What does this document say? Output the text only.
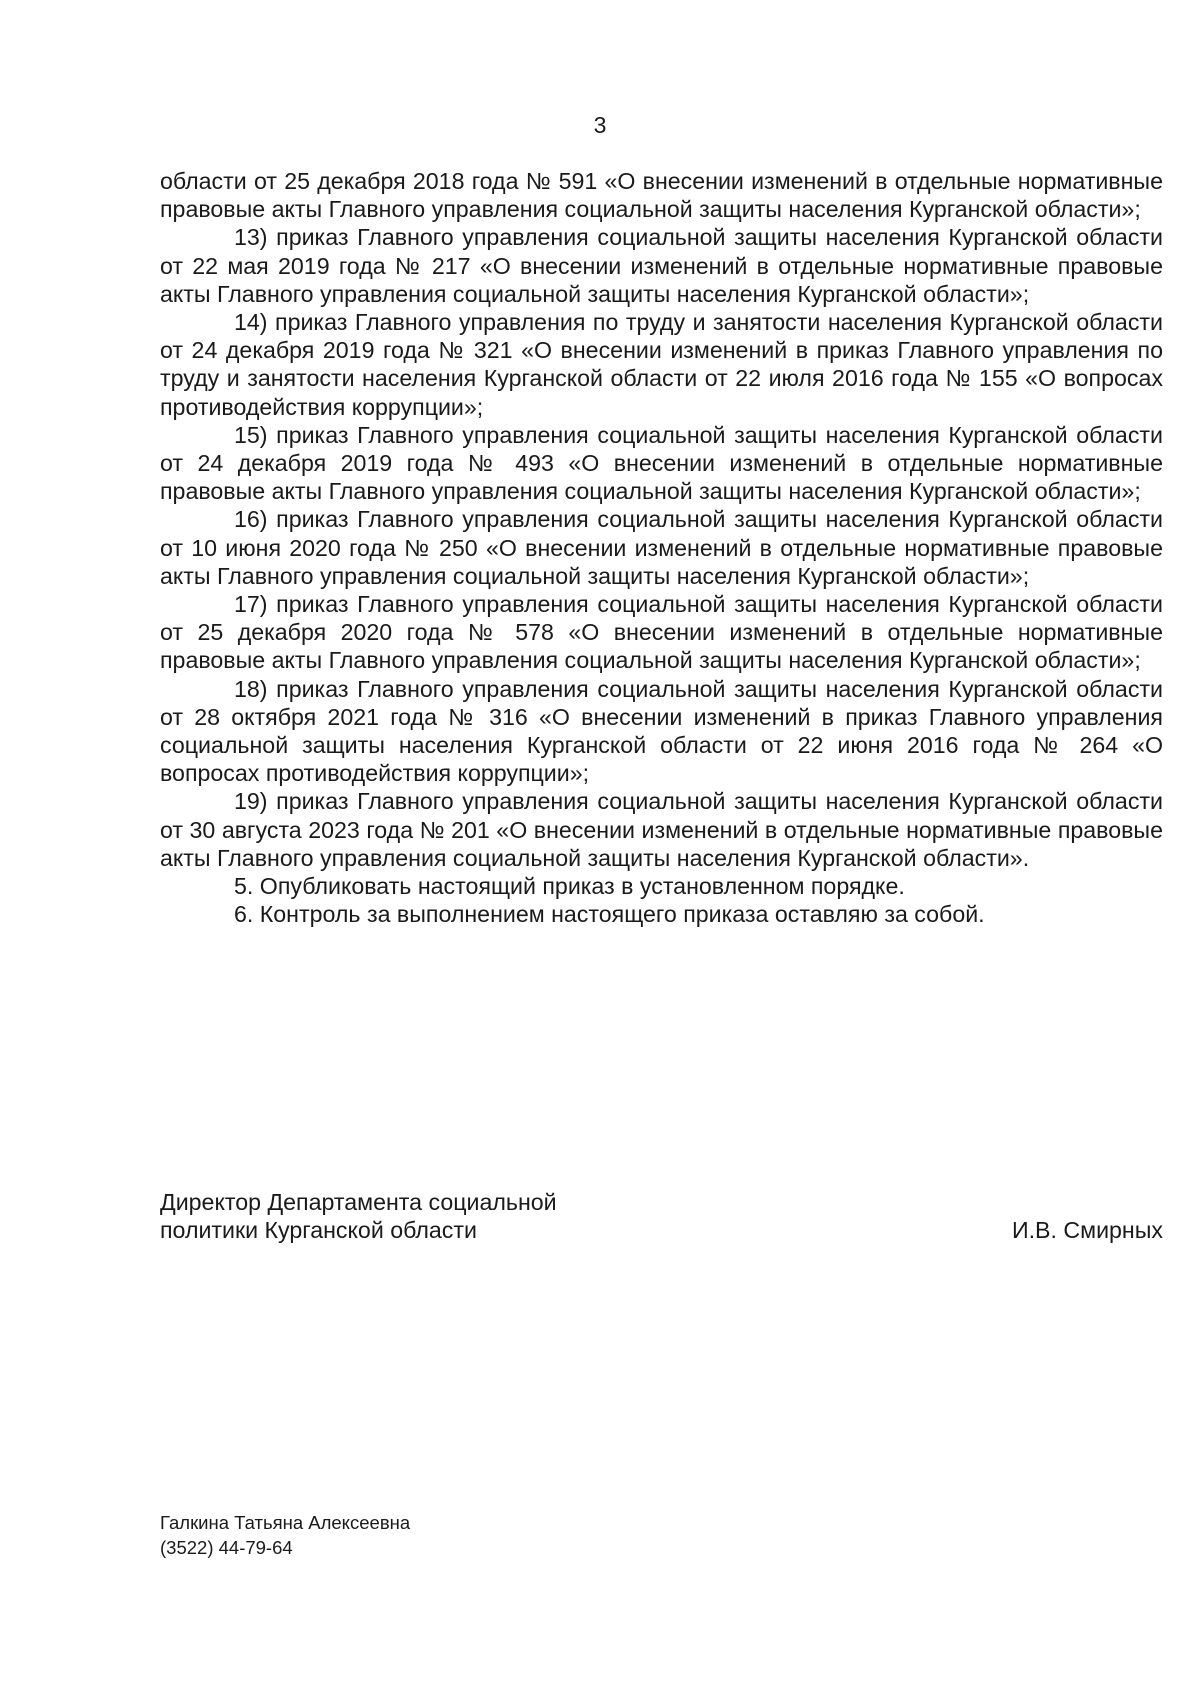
3

области от 25 декабря 2018 года № 591 «О внесении изменений в отдельные нормативные правовые акты Главного управления социальной защиты населения Курганской области»;

13) приказ Главного управления социальной защиты населения Курганской области от 22 мая 2019 года № 217 «О внесении изменений в отдельные нормативные правовые акты Главного управления социальной защиты населения Курганской области»;

14) приказ Главного управления по труду и занятости населения Курганской области от 24 декабря 2019 года № 321 «О внесении изменений в приказ Главного управления по труду и занятости населения Курганской области от 22 июля 2016 года № 155 «О вопросах противодействия коррупции»;

15) приказ Главного управления социальной защиты населения Курганской области от 24 декабря 2019 года № 493 «О внесении изменений в отдельные нормативные правовые акты Главного управления социальной защиты населения Курганской области»;

16) приказ Главного управления социальной защиты населения Курганской области от 10 июня 2020 года № 250 «О внесении изменений в отдельные нормативные правовые акты Главного управления социальной защиты населения Курганской области»;

17) приказ Главного управления социальной защиты населения Курганской области от 25 декабря 2020 года № 578 «О внесении изменений в отдельные нормативные правовые акты Главного управления социальной защиты населения Курганской области»;

18) приказ Главного управления социальной защиты населения Курганской области от 28 октября 2021 года № 316 «О внесении изменений в приказ Главного управления социальной защиты населения Курганской области от 22 июня 2016 года № 264 «О вопросах противодействия коррупции»;

19) приказ Главного управления социальной защиты населения Курганской области от 30 августа 2023 года № 201 «О внесении изменений в отдельные нормативные правовые акты Главного управления социальной защиты населения Курганской области».

5. Опубликовать настоящий приказ в установленном порядке.

6. Контроль за выполнением настоящего приказа оставляю за собой.

Директор Департамента социальной
политики Курганской области	И.В. Смирных
Галкина Татьяна Алексеевна
(3522) 44-79-64
